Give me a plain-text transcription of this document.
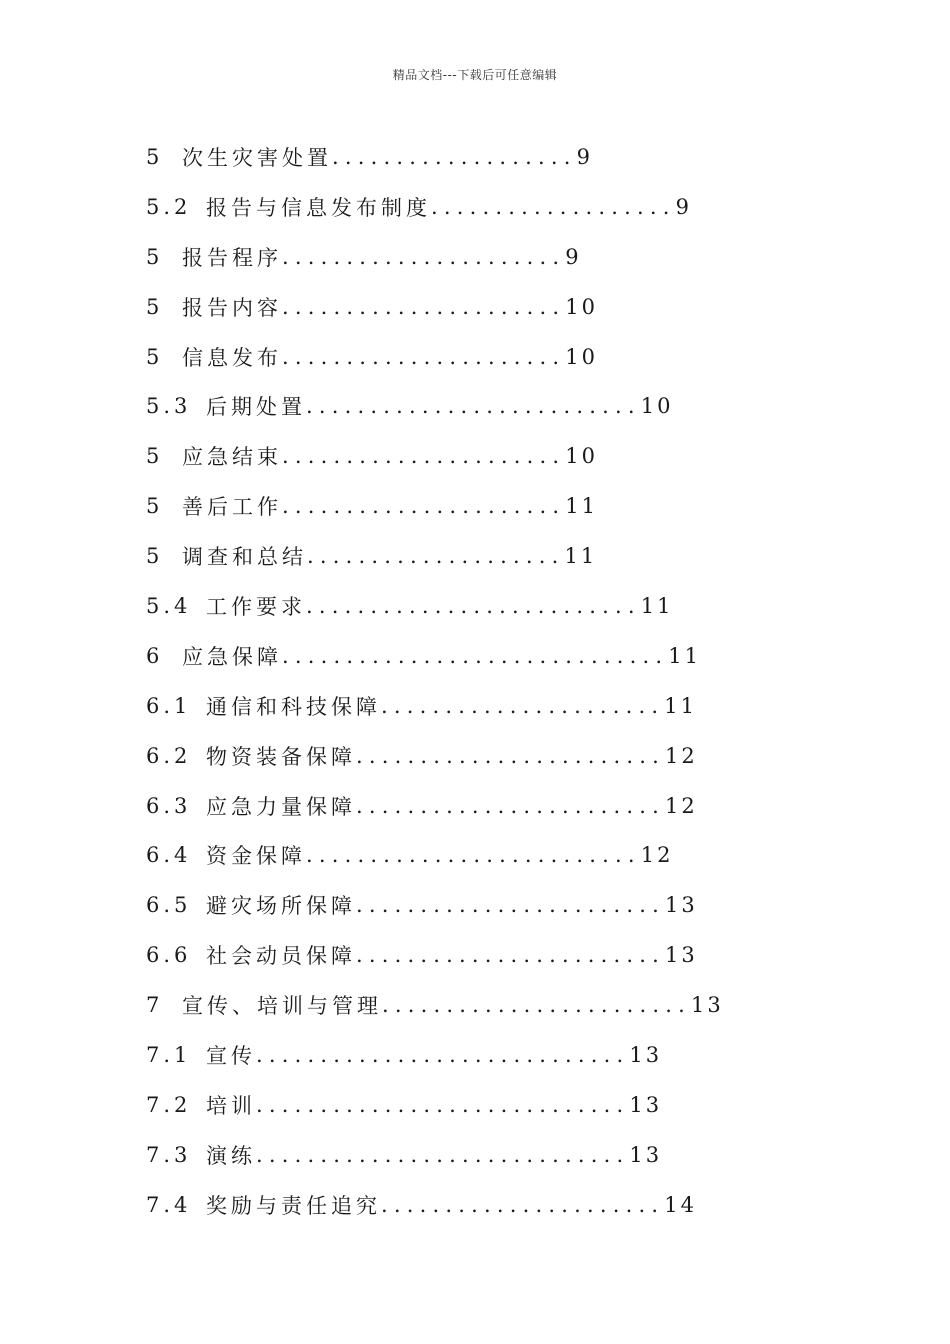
精品文档---下载后可任意编辑
5 次生灾害处置 ................... 9
5.2 报告与信息发布制度 ................... 9
5 报告程序 ...................... 9
5 报告内容 ...................... 10
5 信息发布 ...................... 10
5.3 后期处置 .......................... 10
5 应急结束 ...................... 10
5 善后工作 ...................... 11
5 调查和总结 .................... 11
5.4 工作要求 .......................... 11
6 应急保障 .............................. 11
6.1 通信和科技保障 ...................... 11
6.2 物资装备保障 ........................ 12
6.3 应急力量保障 ........................ 12
6.4 资金保障 .......................... 12
6.5 避灾场所保障 ........................ 13
6.6 社会动员保障 ........................ 13
7 宣传、培训与管理 ........................ 13
7.1 宣传 ............................. 13
7.2 培训 ............................. 13
7.3 演练 ............................. 13
7.4 奖励与责任追究 ...................... 14
